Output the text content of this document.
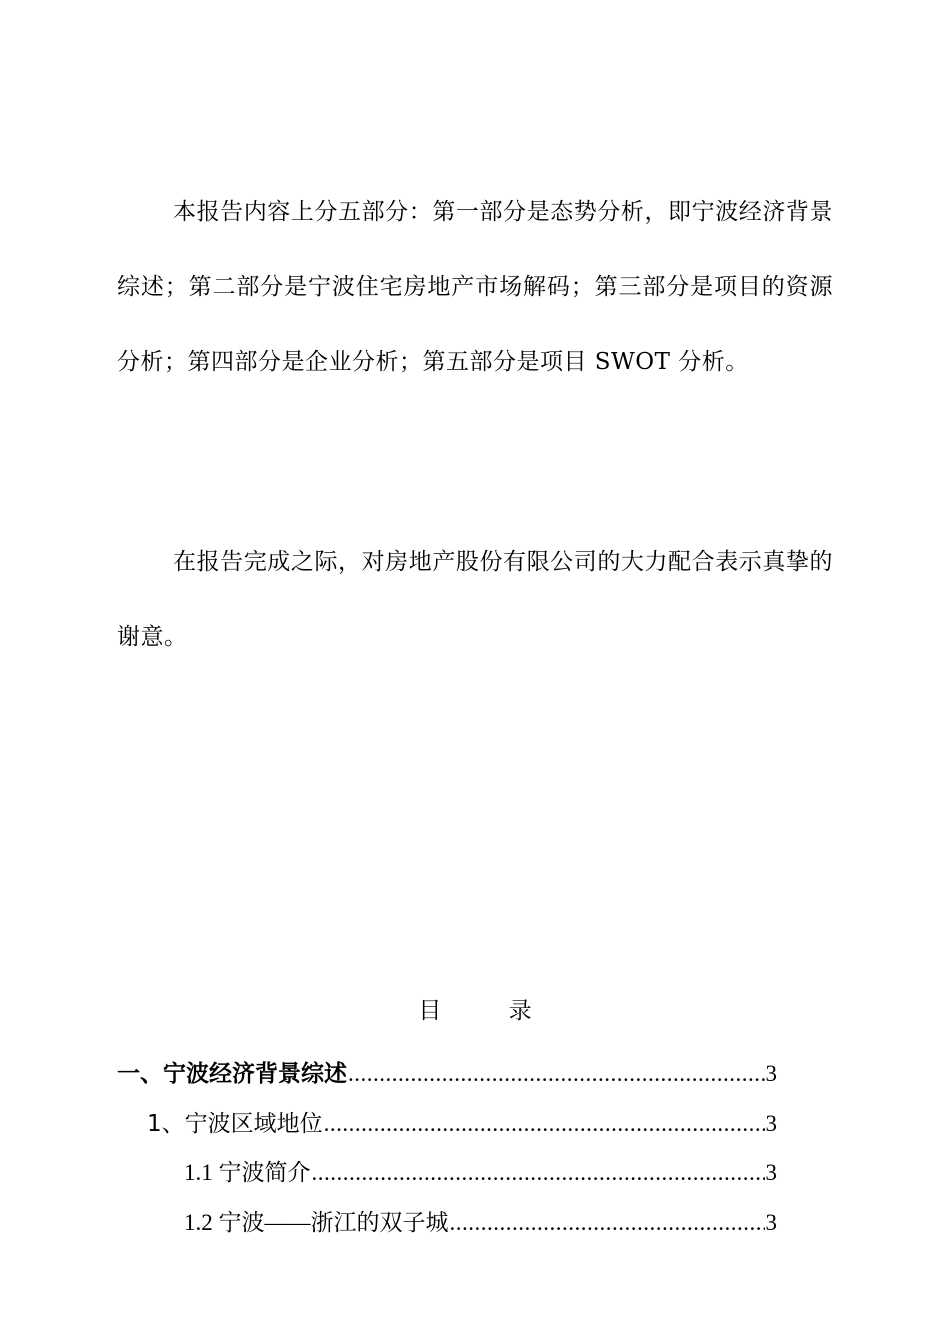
本报告内容上分五部分：第一部分是态势分析，即宁波经济背景综述；第二部分是宁波住宅房地产市场解码；第三部分是项目的资源分析；第四部分是企业分析；第五部分是项目 SWOT 分析。

在报告完成之际，对房地产股份有限公司的大力配合表示真挚的谢意。

目	录
一、宁波经济背景综述 .....	3
1、宁波区域地位 .....	3
1.1 宁波简介 .....	3
1.2 宁波——浙江的双子城 .....	3
